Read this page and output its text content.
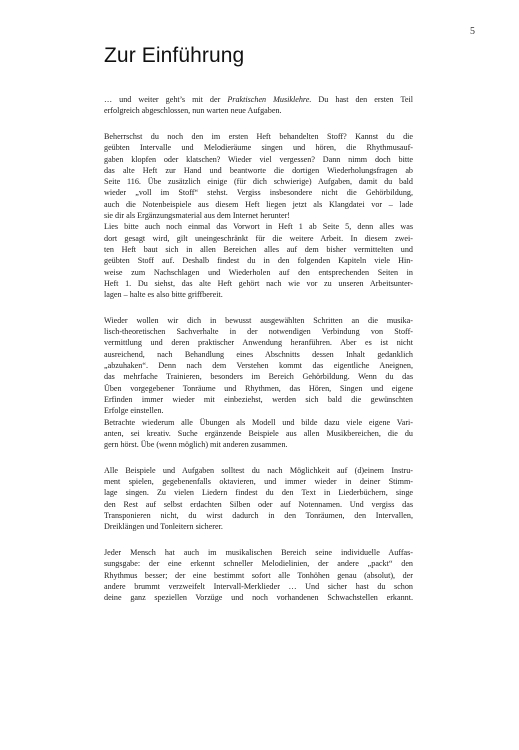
5
Zur Einführung

… und weiter geht’s mit der Praktischen Musiklehre. Du hast den ersten Teil
erfolgreich abgeschlossen, nun warten neue Aufgaben.

Beherrschst du noch den im ersten Heft behandelten Stoff? Kannst du die
geübten Intervalle und Melodieräume singen und hören, die Rhythmusauf-
gaben klopfen oder klatschen? Wieder viel vergessen? Dann nimm doch bitte
das alte Heft zur Hand und beantworte die dortigen Wiederholungsfragen ab
Seite 116. Übe zusätzlich einige (für dich schwierige) Aufgaben, damit du bald
wieder „voll im Stoff“ stehst. Vergiss insbesondere nicht die Gehörbildung,
auch die Notenbeispiele aus diesem Heft liegen jetzt als Klangdatei vor – lade
sie dir als Ergänzungsmaterial aus dem Internet herunter!

Lies bitte auch noch einmal das Vorwort in Heft 1 ab Seite 5, denn alles was
dort gesagt wird, gilt uneingeschränkt für die weitere Arbeit. In diesem zwei-
ten Heft baut sich in allen Bereichen alles auf dem bisher vermittelten und
geübten Stoff auf. Deshalb findest du in den folgenden Kapiteln viele Hin-
weise zum Nachschlagen und Wiederholen auf den entsprechenden Seiten in
Heft 1. Du siehst, das alte Heft gehört nach wie vor zu unseren Arbeitsunter-
lagen – halte es also bitte griffbereit.

Wieder wollen wir dich in bewusst ausgewählten Schritten an die musika-
lisch-theoretischen Sachverhalte in der notwendigen Verbindung von Stoff-
vermittlung und deren praktischer Anwendung heranführen. Aber es ist nicht
ausreichend, nach Behandlung eines Abschnitts dessen Inhalt gedanklich
„abzuhaken“. Denn nach dem Verstehen kommt das eigentliche Aneignen,
das mehrfache Trainieren, besonders im Bereich Gehörbildung. Wenn du das
Üben vorgegebener Tonräume und Rhythmen, das Hören, Singen und eigene
Erfinden immer wieder mit einbeziehst, werden sich bald die gewünschten
Erfolge einstellen.

Betrachte wiederum alle Übungen als Modell und bilde dazu viele eigene Vari-
anten, sei kreativ. Suche ergänzende Beispiele aus allen Musikbereichen, die du
gern hörst. Übe (wenn möglich) mit anderen zusammen.

Alle Beispiele und Aufgaben solltest du nach Möglichkeit auf (d)einem Instru-
ment spielen, gegebenenfalls oktavieren, und immer wieder in deiner Stimm-
lage singen. Zu vielen Liedern findest du den Text in Liederbüchern, singe
den Rest auf selbst erdachten Silben oder auf Notennamen. Und vergiss das
Transponieren nicht, du wirst dadurch in den Tonräumen, den Intervallen,
Dreiklängen und Tonleitern sicherer.

Jeder Mensch hat auch im musikalischen Bereich seine individuelle Auffas-
sungsgabe: der eine erkennt schneller Melodielinien, der andere „packt“ den
Rhythmus besser; der eine bestimmt sofort alle Tonhöhen genau (absolut), der
andere brummt verzweifelt Intervall-Merklieder … Und sicher hast du schon
deine ganz speziellen Vorzüge und noch vorhandenen Schwachstellen erkannt.
